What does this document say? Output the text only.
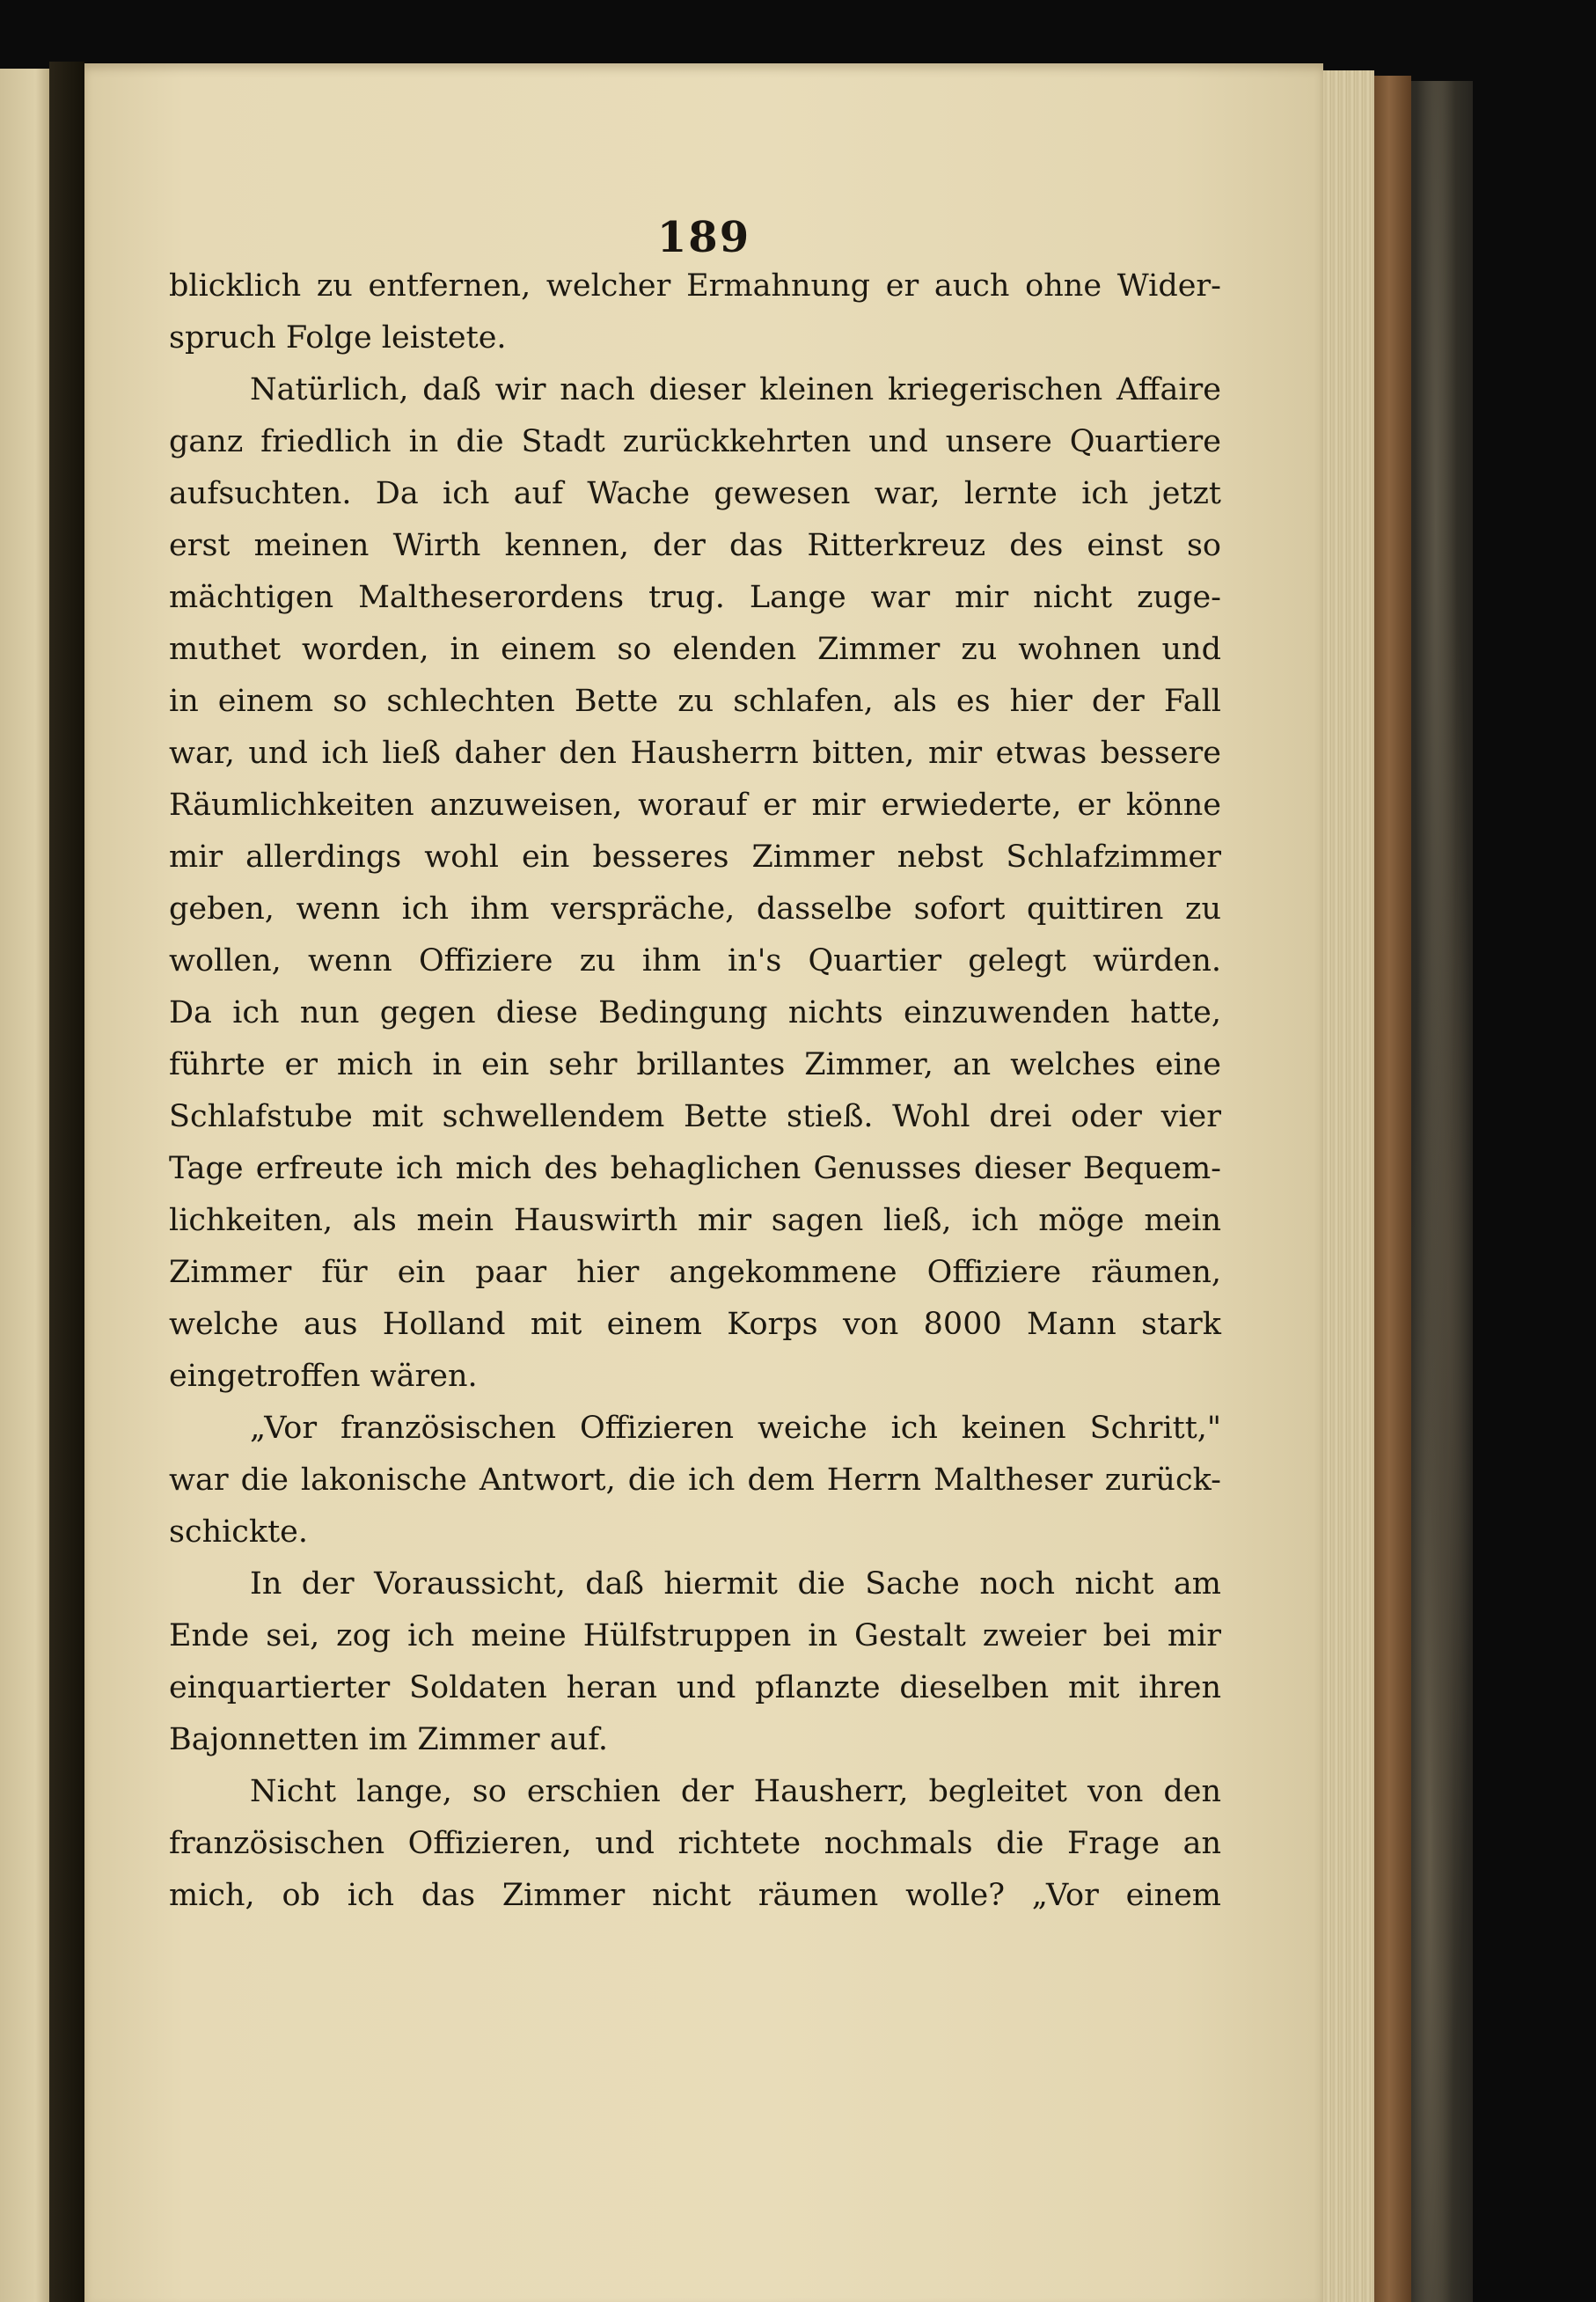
189
blicklich zu entfernen, welcher Ermahnung er auch ohne Wider-
spruch Folge leistete.
Natürlich, daß wir nach dieser kleinen kriegerischen Affaire
ganz friedlich in die Stadt zurückkehrten und unsere Quartiere
aufsuchten. Da ich auf Wache gewesen war, lernte ich jetzt
erst meinen Wirth kennen, der das Ritterkreuz des einst so
mächtigen Maltheserordens trug. Lange war mir nicht zuge-
muthet worden, in einem so elenden Zimmer zu wohnen und
in einem so schlechten Bette zu schlafen, als es hier der Fall
war, und ich ließ daher den Hausherrn bitten, mir etwas bessere
Räumlichkeiten anzuweisen, worauf er mir erwiederte, er könne
mir allerdings wohl ein besseres Zimmer nebst Schlafzimmer
geben, wenn ich ihm verspräche, dasselbe sofort quittiren zu
wollen, wenn Offiziere zu ihm in's Quartier gelegt würden.
Da ich nun gegen diese Bedingung nichts einzuwenden hatte,
führte er mich in ein sehr brillantes Zimmer, an welches eine
Schlafstube mit schwellendem Bette stieß. Wohl drei oder vier
Tage erfreute ich mich des behaglichen Genusses dieser Bequem-
lichkeiten, als mein Hauswirth mir sagen ließ, ich möge mein
Zimmer für ein paar hier angekommene Offiziere räumen,
welche aus Holland mit einem Korps von 8000 Mann stark
eingetroffen wären.
„Vor französischen Offizieren weiche ich keinen Schritt,"
war die lakonische Antwort, die ich dem Herrn Maltheser zurück-
schickte.
In der Voraussicht, daß hiermit die Sache noch nicht am
Ende sei, zog ich meine Hülfstruppen in Gestalt zweier bei mir
einquartierter Soldaten heran und pflanzte dieselben mit ihren
Bajonnetten im Zimmer auf.
Nicht lange, so erschien der Hausherr, begleitet von den
französischen Offizieren, und richtete nochmals die Frage an
mich, ob ich das Zimmer nicht räumen wolle? „Vor einem
